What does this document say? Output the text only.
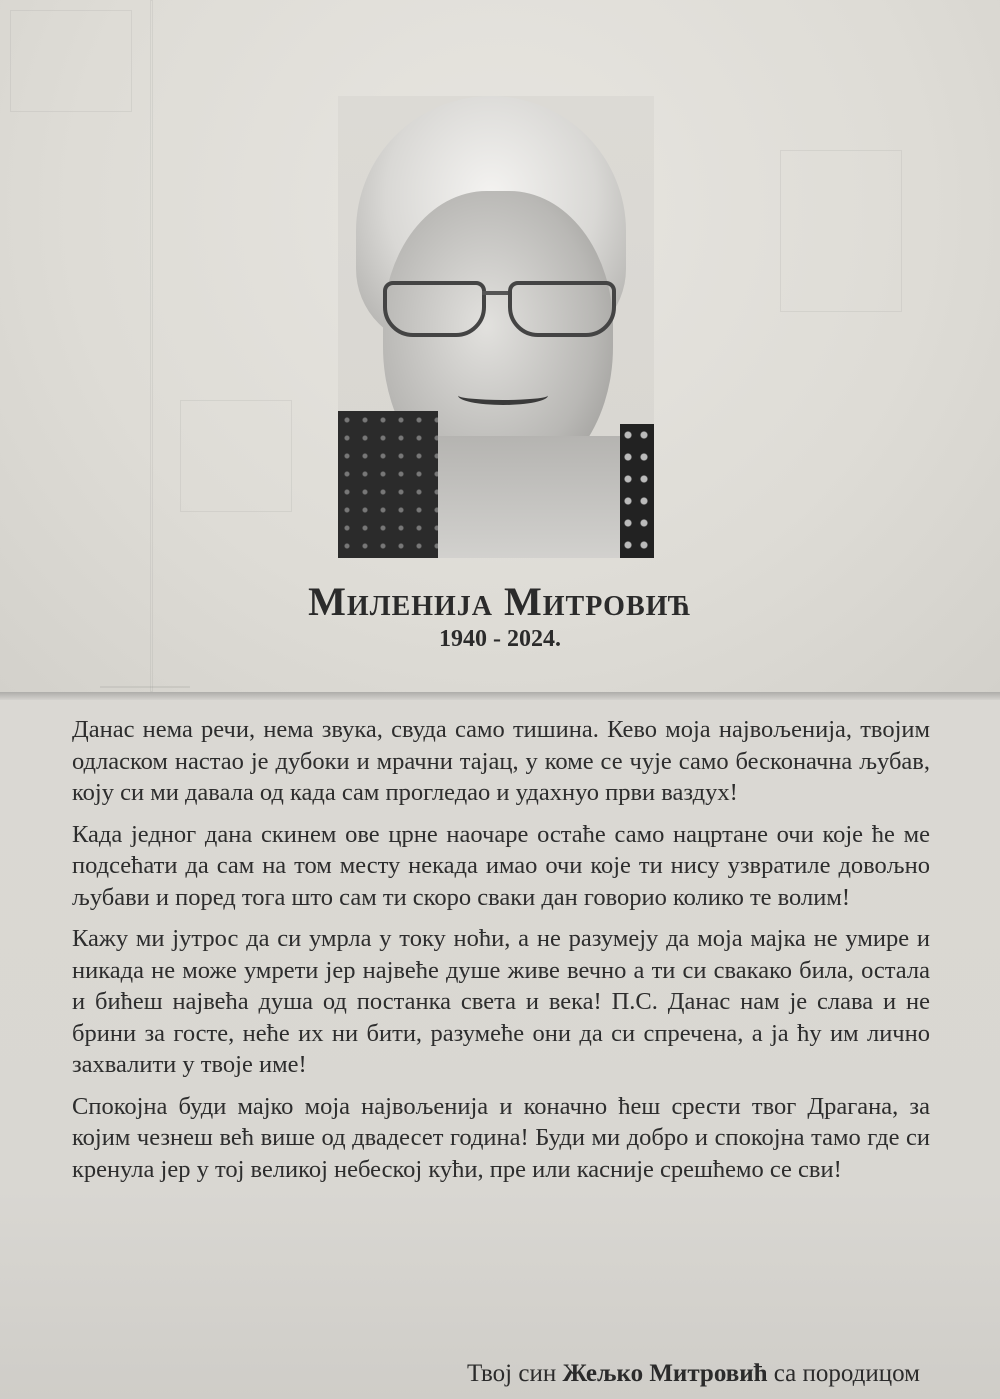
Миленија Митровић
1940 - 2024.

Данас нема речи, нема звука, свуда само тишина. Кево моја највољенија, твојим одласком настао је дубоки и мрачни тајац, у коме се чује само бесконачна љубав, коју си ми давала од када сам прогледао и удахнуо први ваздух!

Када једног дана скинем ове црне наочаре остаће само нацртане очи које ће ме подсећати да сам на том месту некада имао очи које ти нису узвратиле довољно љубави и поред тога што сам ти скоро сваки дан говорио колико те волим!

Кажу ми јутрос да си умрла у току ноћи, а не разумеју да моја мајка не умире и никада не може умрети јер највеће душе живе вечно а ти си свакако била, остала и бићеш највећа душа од постанка света и века! П.С. Данас нам је слава и не брини за госте, неће их ни бити, разумеће они да си спречена, а ја ћу им лично захвалити у твоје име!

Спокојна буди мајко моја највољенија и коначно ћеш срести твог Драгана, за којим чезнеш већ више од двадесет година! Буди ми добро и спокојна тамо где си кренула јер у тој великој небеској кући, пре или касније срешћемо се сви!

Твој син Жељко Митровић са породицом
